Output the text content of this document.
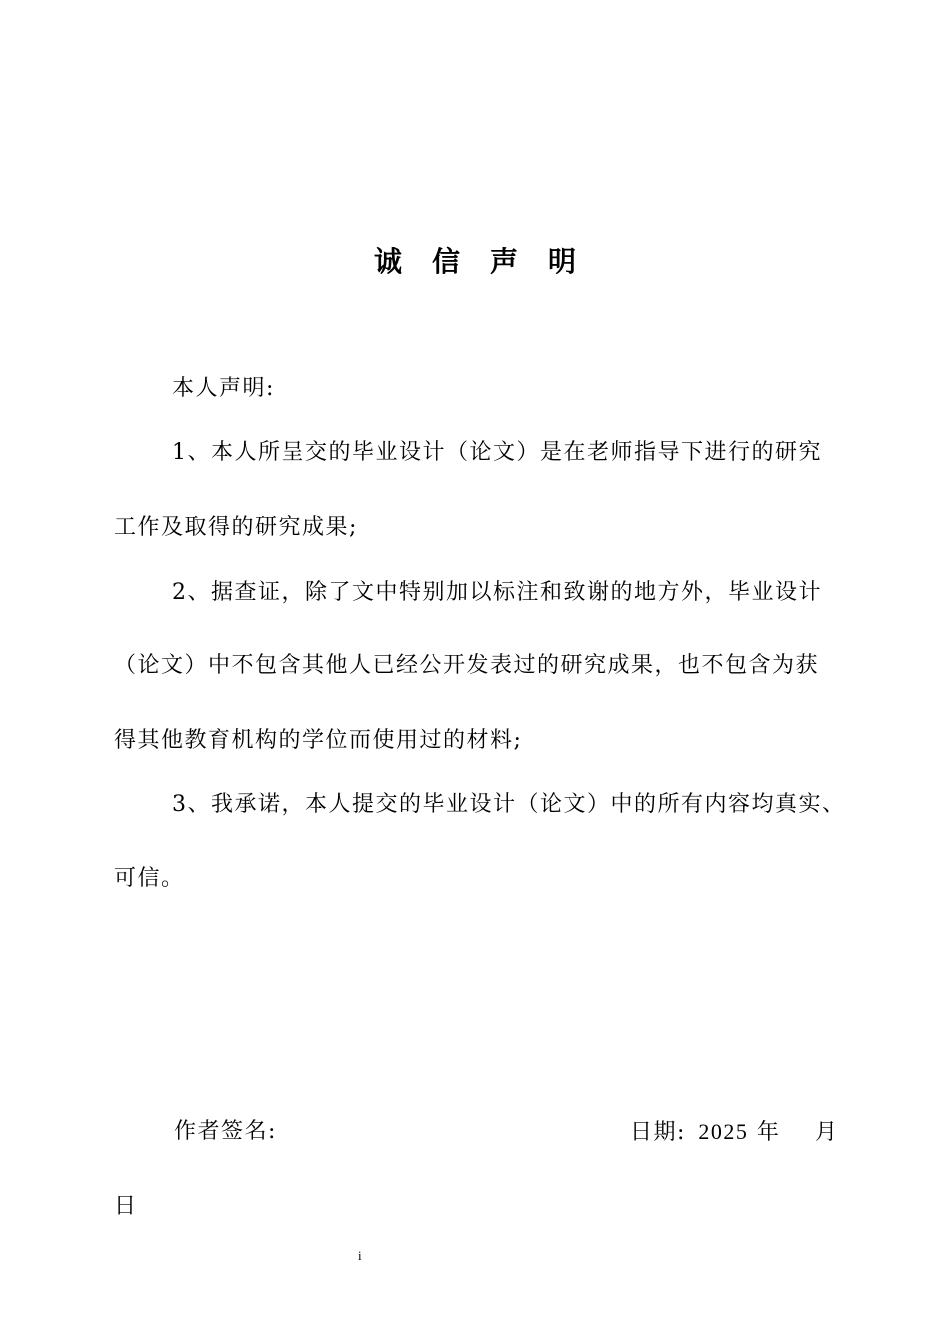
诚信声明
本人声明:
1、本人所呈交的毕业设计（论文）是在老师指导下进行的研究
工作及取得的研究成果;
2、据查证，除了文中特别加以标注和致谢的地方外，毕业设计
（论文）中不包含其他人已经公开发表过的研究成果，也不包含为获
得其他教育机构的学位而使用过的材料;
3、我承诺，本人提交的毕业设计（论文）中的所有内容均真实、
可信。
作者签名:	日期: 2025 年 月
日
i
